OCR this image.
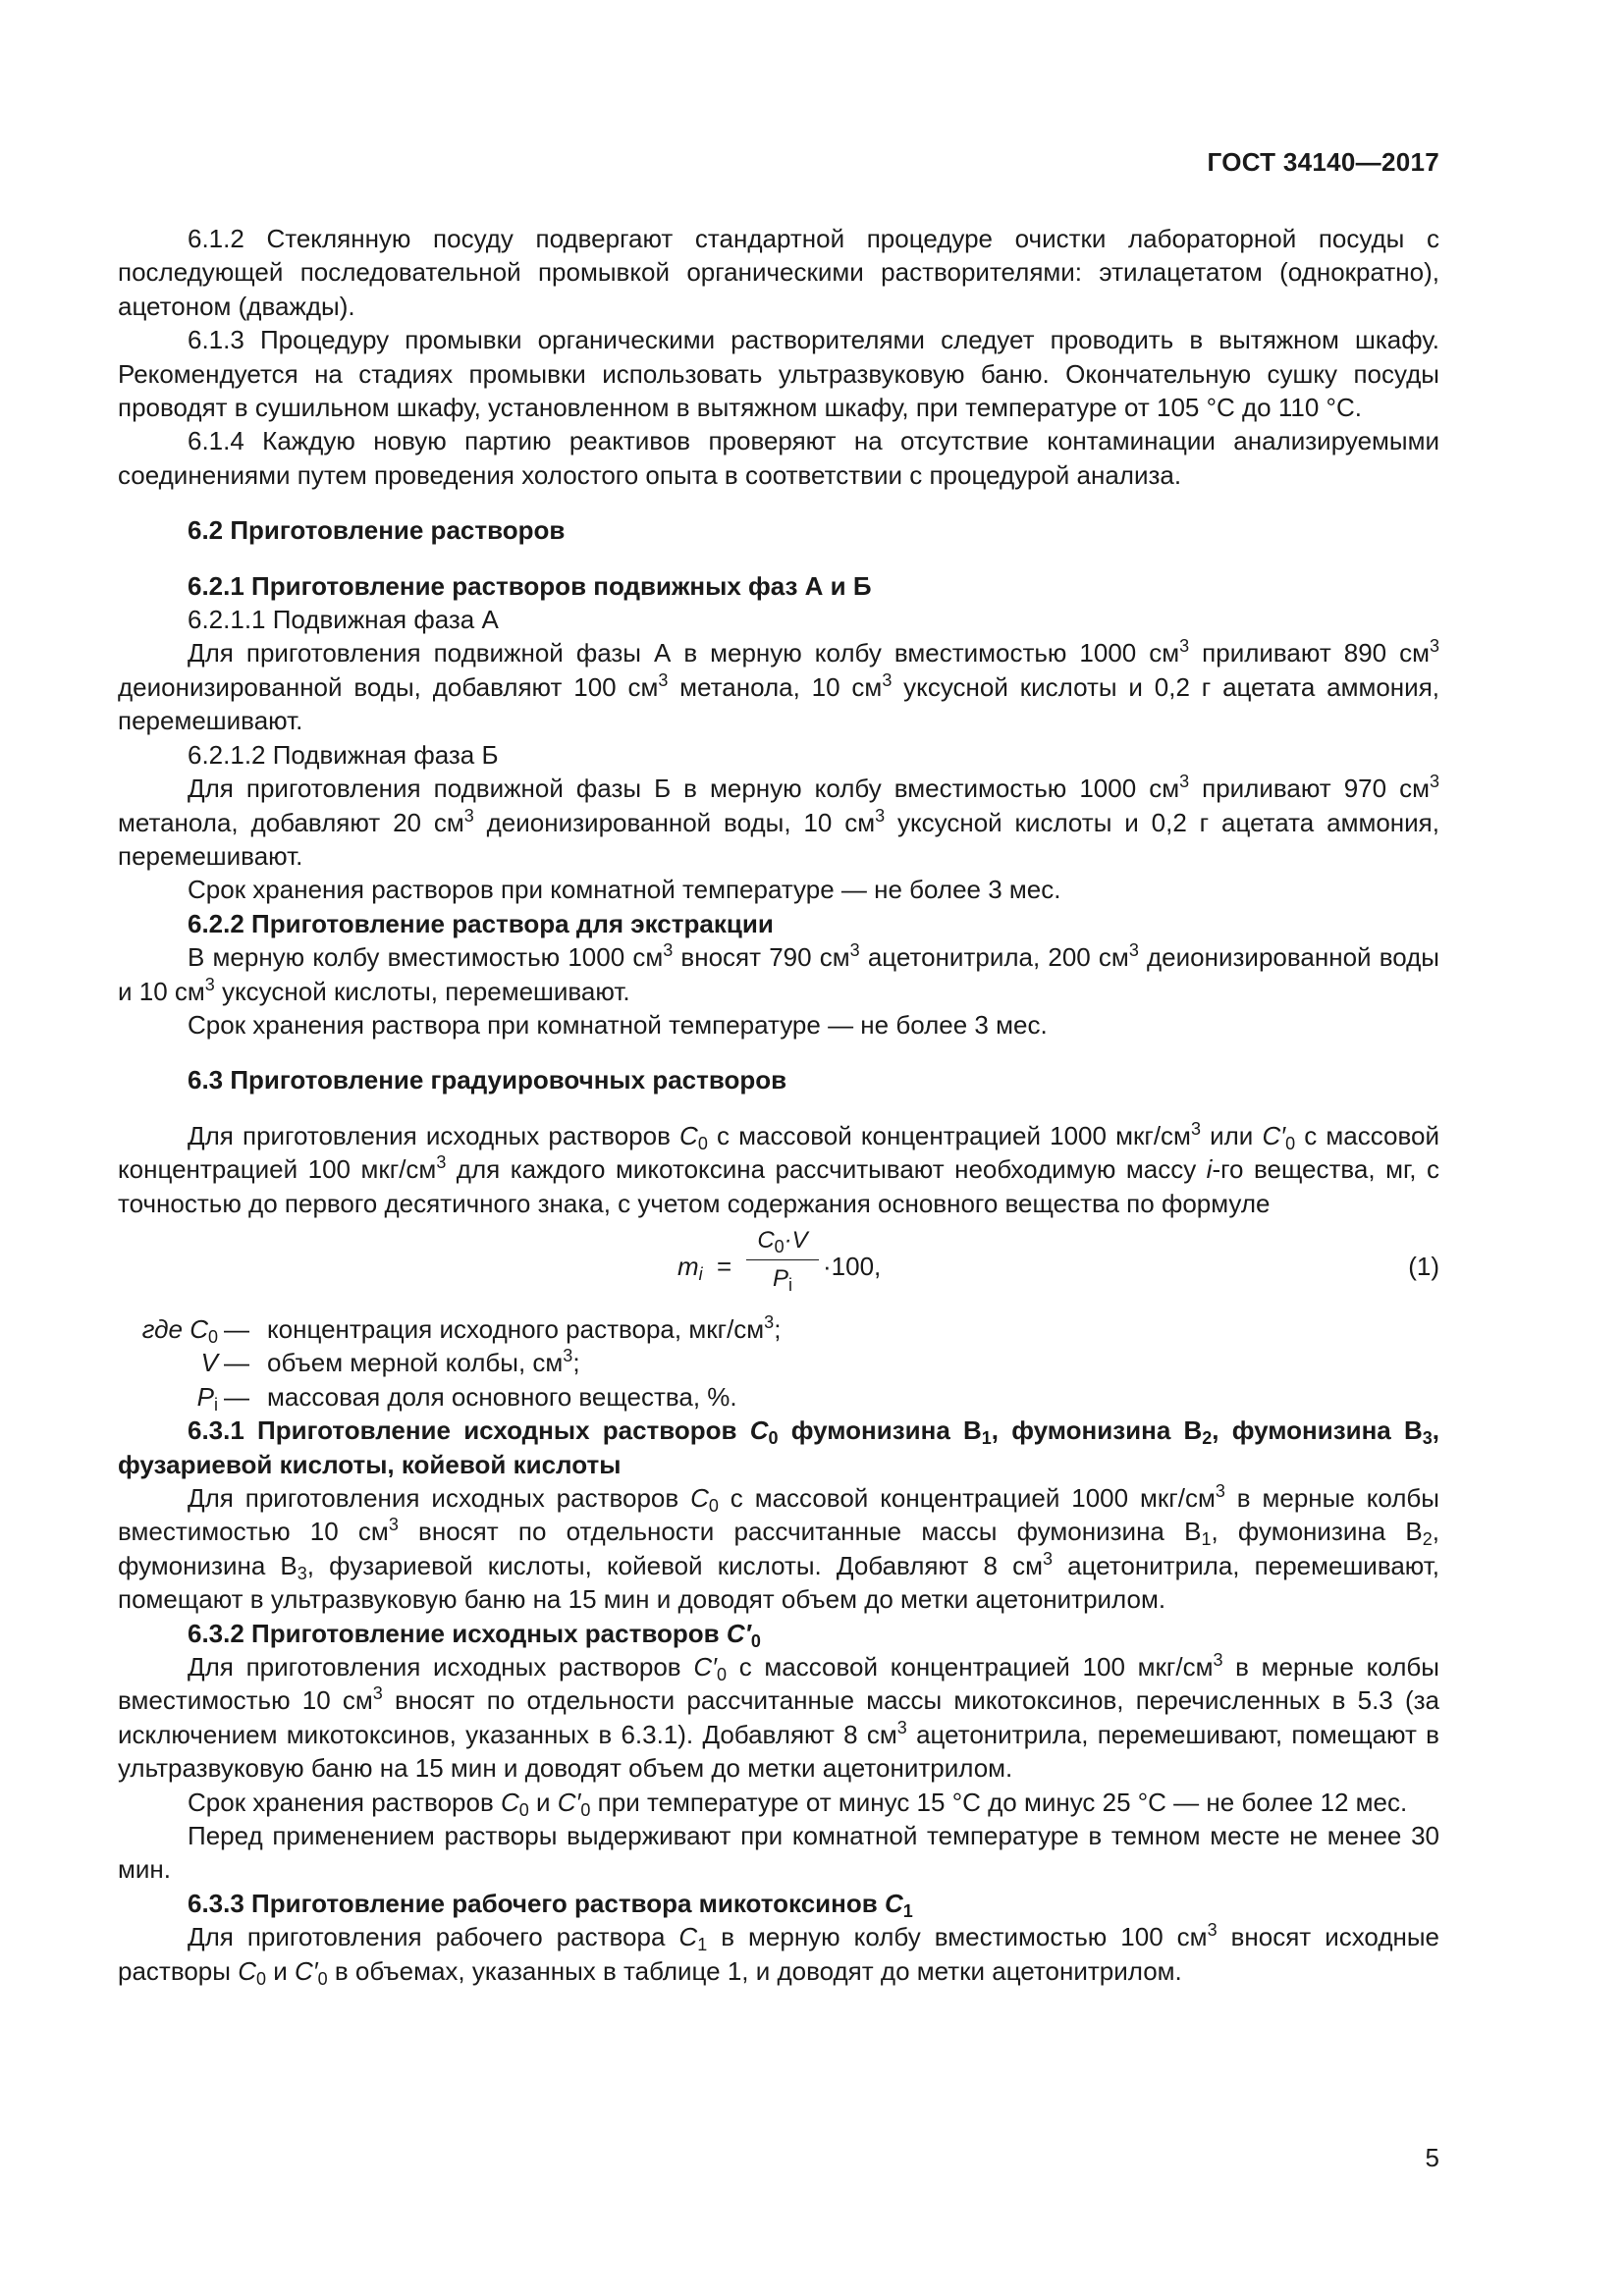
ГОСТ 34140—2017

6.1.2 Стеклянную посуду подвергают стандартной процедуре очистки лабораторной посуды с последующей последовательной промывкой органическими растворителями: этилацетатом (однократно), ацетоном (дважды).

6.1.3 Процедуру промывки органическими растворителями следует проводить в вытяжном шкафу. Рекомендуется на стадиях промывки использовать ультразвуковую баню. Окончательную сушку посуды проводят в сушильном шкафу, установленном в вытяжном шкафу, при температуре от 105 °С до 110 °С.

6.1.4 Каждую новую партию реактивов проверяют на отсутствие контаминации анализируемыми соединениями путем проведения холостого опыта в соответствии с процедурой анализа.

6.2 Приготовление растворов

6.2.1 Приготовление растворов подвижных фаз А и Б

6.2.1.1 Подвижная фаза А

Для приготовления подвижной фазы А в мерную колбу вместимостью 1000 $см^3$ приливают 890 $см^3$ деионизированной воды, добавляют 100 $см^3$ метанола, 10 $см^3$ уксусной кислоты и 0,2 г ацетата аммония, перемешивают.

6.2.1.2 Подвижная фаза Б

Для приготовления подвижной фазы Б в мерную колбу вместимостью 1000 $см^3$ приливают 970 $см^3$ метанола, добавляют 20 $см^3$ деионизированной воды, 10 $см^3$ уксусной кислоты и 0,2 г ацетата аммония, перемешивают.

Срок хранения растворов при комнатной температуре — не более 3 мес.

6.2.2 Приготовление раствора для экстракции

В мерную колбу вместимостью 1000 $см^3$ вносят 790 $см^3$ ацетонитрила, 200 $см^3$ деионизированной воды и 10 $см^3$ уксусной кислоты, перемешивают.

Срок хранения раствора при комнатной температуре — не более 3 мес.

6.3 Приготовление градуировочных растворов

Для приготовления исходных растворов $C_0$ с массовой концентрацией 1000 мкг/$см^3$ или $C'_0$ с массовой концентрацией 100 мкг/$см^3$ для каждого микотоксина рассчитывают необходимую массу i-го вещества, мг, с точностью до первого десятичного знака, с учетом содержания основного вещества по формуле

$m_i = \frac{C_0\cdot V}{P_i} \cdot 100$,	(1)
где $C_0$ — концентрация исходного раствора, мкг/$см^3$;
V — объем мерной колбы, $см^3$;
$P_i$ — массовая доля основного вещества, %.

6.3.1 Приготовление исходных растворов $C_0$ фумонизина $B_1$, фумонизина $B_2$, фумонизина $B_3$, фузариевой кислоты, койевой кислоты

Для приготовления исходных растворов $C_0$ с массовой концентрацией 1000 мкг/$см^3$ в мерные колбы вместимостью 10 $см^3$ вносят по отдельности рассчитанные массы фумонизина $B_1$, фумонизина $B_2$, фумонизина $B_3$, фузариевой кислоты, койевой кислоты. Добавляют 8 $см^3$ ацетонитрила, перемешивают, помещают в ультразвуковую баню на 15 мин и доводят объем до метки ацетонитрилом.

6.3.2 Приготовление исходных растворов $C'_0$

Для приготовления исходных растворов $C'_0$ с массовой концентрацией 100 мкг/$см^3$ в мерные колбы вместимостью 10 $см^3$ вносят по отдельности рассчитанные массы микотоксинов, перечисленных в 5.3 (за исключением микотоксинов, указанных в 6.3.1). Добавляют 8 $см^3$ ацетонитрила, перемешивают, помещают в ультразвуковую баню на 15 мин и доводят объем до метки ацетонитрилом.

Срок хранения растворов $C_0$ и $C'_0$ при температуре от минус 15 °С до минус 25 °С — не более 12 мес.

Перед применением растворы выдерживают при комнатной температуре в темном месте не менее 30 мин.

6.3.3 Приготовление рабочего раствора микотоксинов $C_1$

Для приготовления рабочего раствора $C_1$ в мерную колбу вместимостью 100 $см^3$ вносят исходные растворы $C_0$ и $C'_0$ в объемах, указанных в таблице 1, и доводят до метки ацетонитрилом.

5
